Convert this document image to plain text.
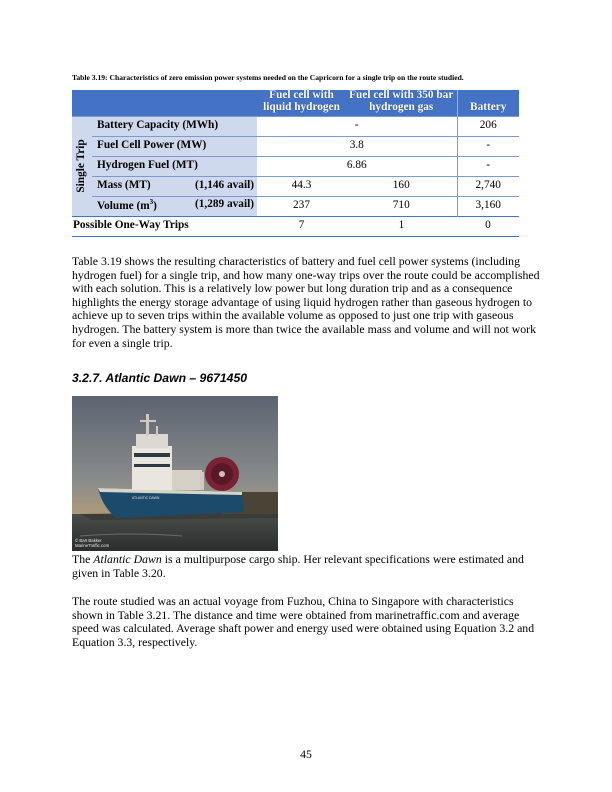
Table 3.19: Characteristics of zero emission power systems needed on the Capricorn for a single trip on the route studied.
		Fuel cell with liquid hydrogen	Fuel cell with 350 bar hydrogen gas	Battery

Single Trip	Battery Capacity (MWh)	-		206
	Fuel Cell Power (MW)	3.8		-
	Hydrogen Fuel (MT)	6.86		-
	Mass (MT) (1,146 avail)	44.3	160	2,740
	Volume $(m^3)$ (1,289 avail)	237	710	3,160
Possible One-Way Trips		7	1	0

Table 3.19 shows the resulting characteristics of battery and fuel cell power systems (including hydrogen fuel) for a single trip, and how many one-way trips over the route could be accomplished with each solution. This is a relatively low power but long duration trip and as a consequence highlights the energy storage advantage of using liquid hydrogen rather than gaseous hydrogen to achieve up to seven trips within the available volume as opposed to just one trip with gaseous hydrogen. The battery system is more than twice the available mass and volume and will not work for even a single trip.

3.2.7. Atlantic Dawn – 9671450
ATLANTIC DAWN
© Bart Bakker
MarineTraffic.com

The Atlantic Dawn is a multipurpose cargo ship. Her relevant specifications were estimated and given in Table 3.20.

The route studied was an actual voyage from Fuzhou, China to Singapore with characteristics shown in Table 3.21. The distance and time were obtained from marinetraffic.com and average speed was calculated. Average shaft power and energy used were obtained using Equation 3.2 and Equation 3.3, respectively.

45
